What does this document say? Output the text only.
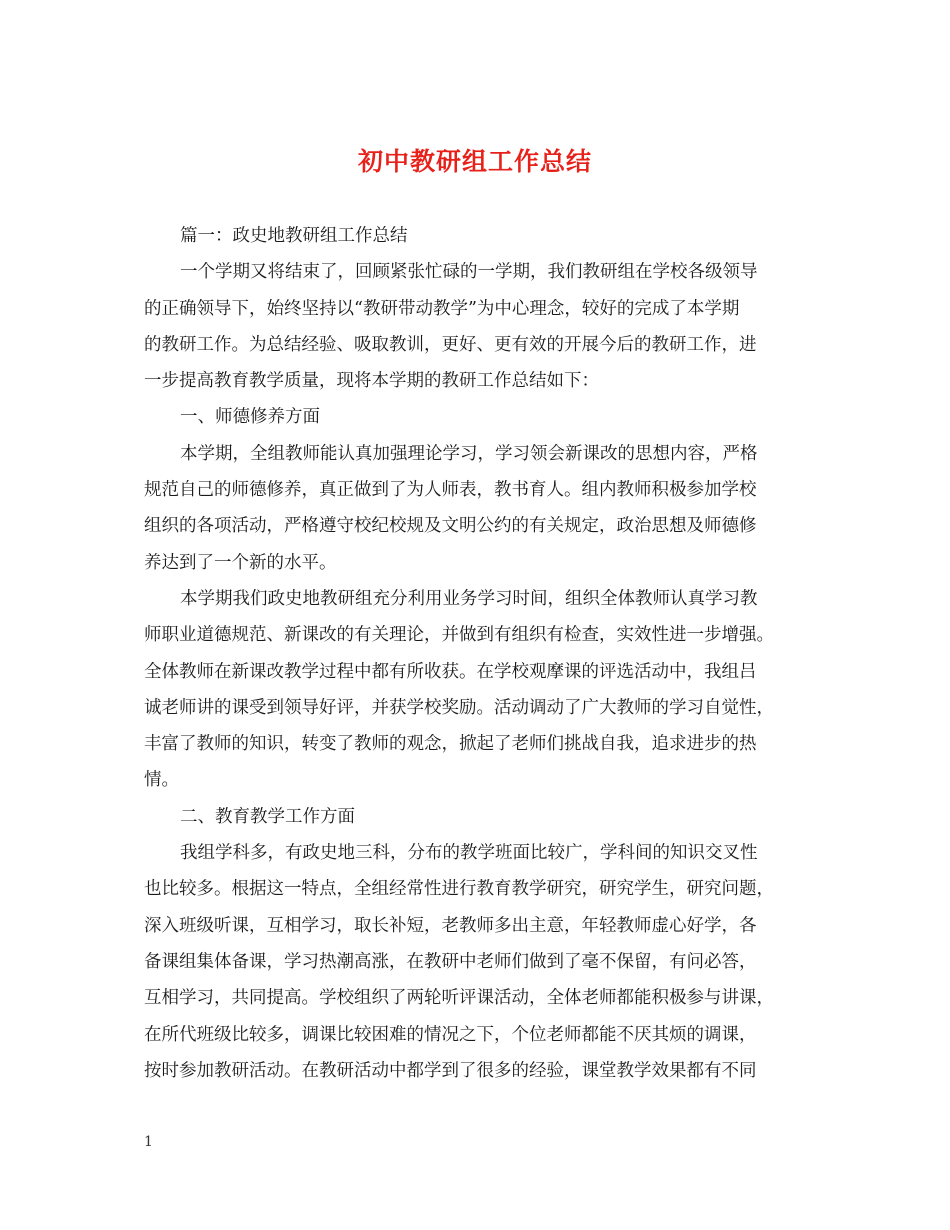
初中教研组工作总结
篇一：政史地教研组工作总结
一个学期又将结束了，回顾紧张忙碌的一学期，我们教研组在学校各级领导
的正确领导下，始终坚持以“教研带动教学”为中心理念，较好的完成了本学期
的教研工作。为总结经验、吸取教训，更好、更有效的开展今后的教研工作，进
一步提高教育教学质量，现将本学期的教研工作总结如下：
一、师德修养方面
本学期，全组教师能认真加强理论学习，学习领会新课改的思想内容，严格
规范自己的师德修养，真正做到了为人师表，教书育人。组内教师积极参加学校
组织的各项活动，严格遵守校纪校规及文明公约的有关规定，政治思想及师德修
养达到了一个新的水平。
本学期我们政史地教研组充分利用业务学习时间，组织全体教师认真学习教
师职业道德规范、新课改的有关理论，并做到有组织有检查，实效性进一步增强。
全体教师在新课改教学过程中都有所收获。在学校观摩课的评选活动中，我组吕
诚老师讲的课受到领导好评，并获学校奖励。活动调动了广大教师的学习自觉性，
丰富了教师的知识，转变了教师的观念，掀起了老师们挑战自我，追求进步的热
情。
二、教育教学工作方面
我组学科多，有政史地三科，分布的教学班面比较广，学科间的知识交叉性
也比较多。根据这一特点，全组经常性进行教育教学研究，研究学生，研究问题，
深入班级听课，互相学习，取长补短，老教师多出主意，年轻教师虚心好学，各
备课组集体备课，学习热潮高涨，在教研中老师们做到了毫不保留，有问必答，
互相学习，共同提高。学校组织了两轮听评课活动，全体老师都能积极参与讲课，
在所代班级比较多，调课比较困难的情况之下，个位老师都能不厌其烦的调课，
按时参加教研活动。在教研活动中都学到了很多的经验，课堂教学效果都有不同
1
